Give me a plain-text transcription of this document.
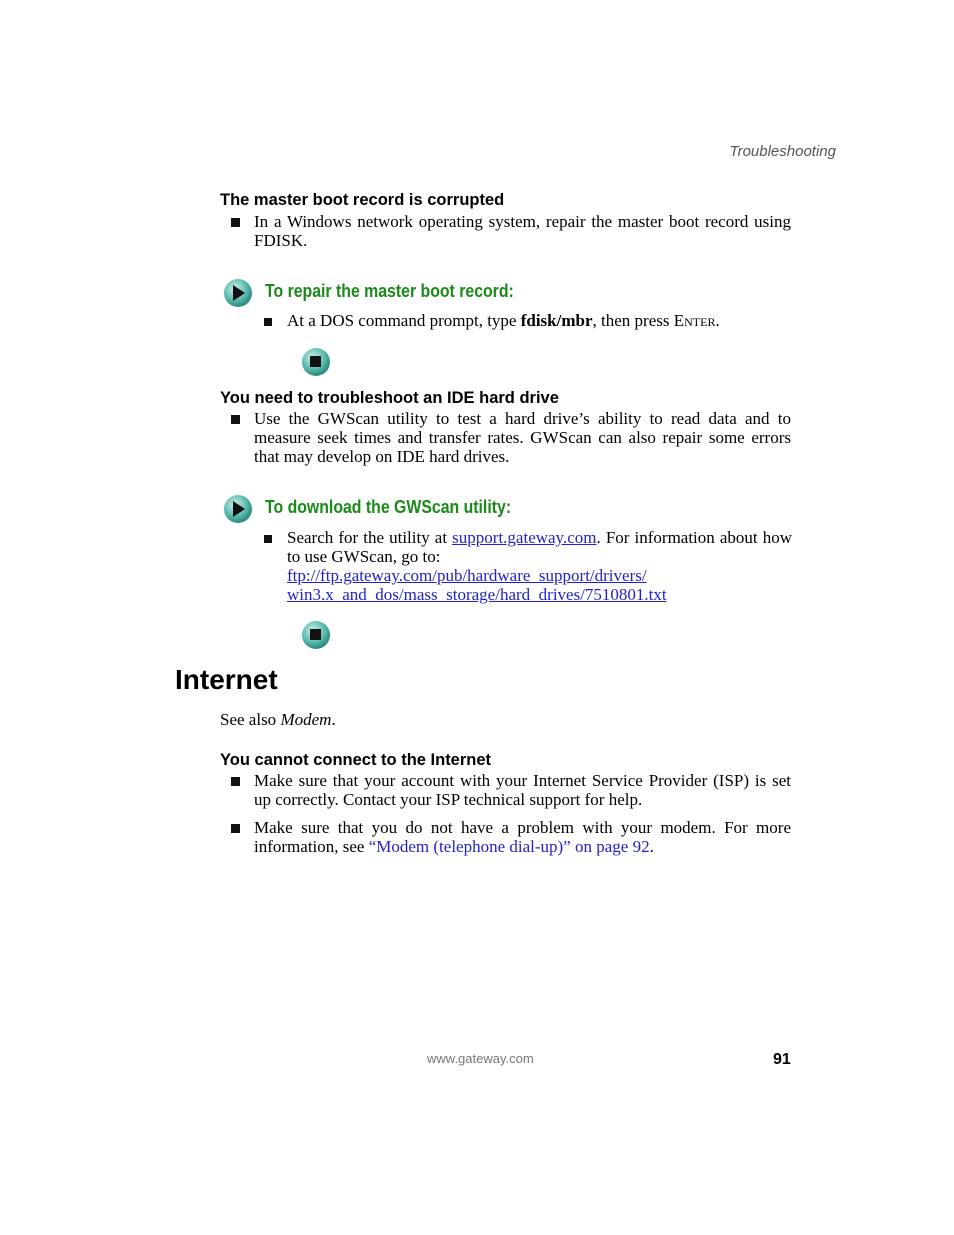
Troubleshooting
The master boot record is corrupted
In a Windows network operating system, repair the master boot record using FDISK.
To repair the master boot record:
At a DOS command prompt, type fdisk/mbr, then press ENTER.
You need to troubleshoot an IDE hard drive
Use the GWScan utility to test a hard drive’s ability to read data and to measure seek times and transfer rates. GWScan can also repair some errors that may develop on IDE hard drives.
To download the GWScan utility:
Search for the utility at support.gateway.com. For information about how to use GWScan, go to:
ftp://ftp.gateway.com/pub/hardware_support/drivers/
win3.x_and_dos/mass_storage/hard_drives/7510801.txt
Internet
See also Modem.
You cannot connect to the Internet
Make sure that your account with your Internet Service Provider (ISP) is set up correctly. Contact your ISP technical support for help.
Make sure that you do not have a problem with your modem. For more information, see “Modem (telephone dial-up)” on page 92.
www.gateway.com	91
